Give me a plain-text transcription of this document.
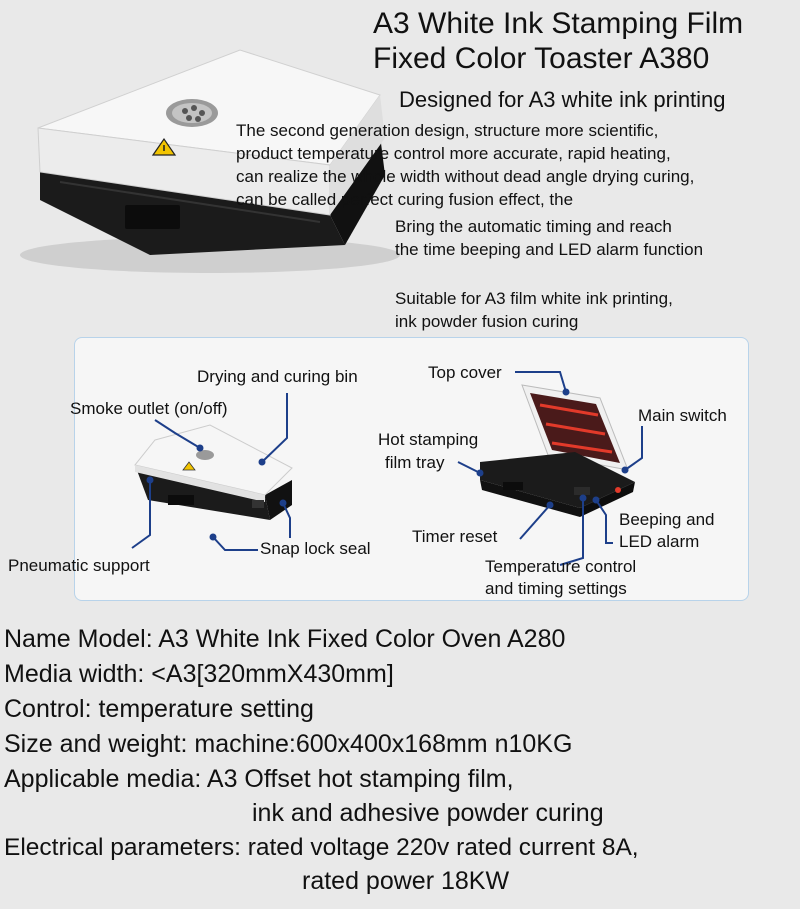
A3 White Ink Stamping Film
Fixed Color Toaster A380
Designed for A3 white ink printing
The second generation design, structure more scientific,
product temperature control more accurate, rapid heating,
can realize the whole width without dead angle drying curing,
can be called perfect curing fusion effect, the
Bring the automatic timing and reach
the time beeping and LED alarm function
Suitable for A3 film white ink printing,
ink powder fusion curing
Drying and curing bin
Smoke outlet (on/off)
Pneumatic support
Snap lock seal
Top cover
Main switch
Hot stamping
film tray
Timer reset
Beeping and
LED alarm
Temperature control
and timing settings
Name Model: A3 White Ink Fixed Color Oven A280
Media width: <A3[320mmX430mm]
Control: temperature setting
Size and weight: machine:600x400x168mm n10KG
Applicable media: A3 Offset hot stamping film,
ink and adhesive powder curing
Electrical parameters: rated voltage 220v rated current 8A,
rated power 18KW
